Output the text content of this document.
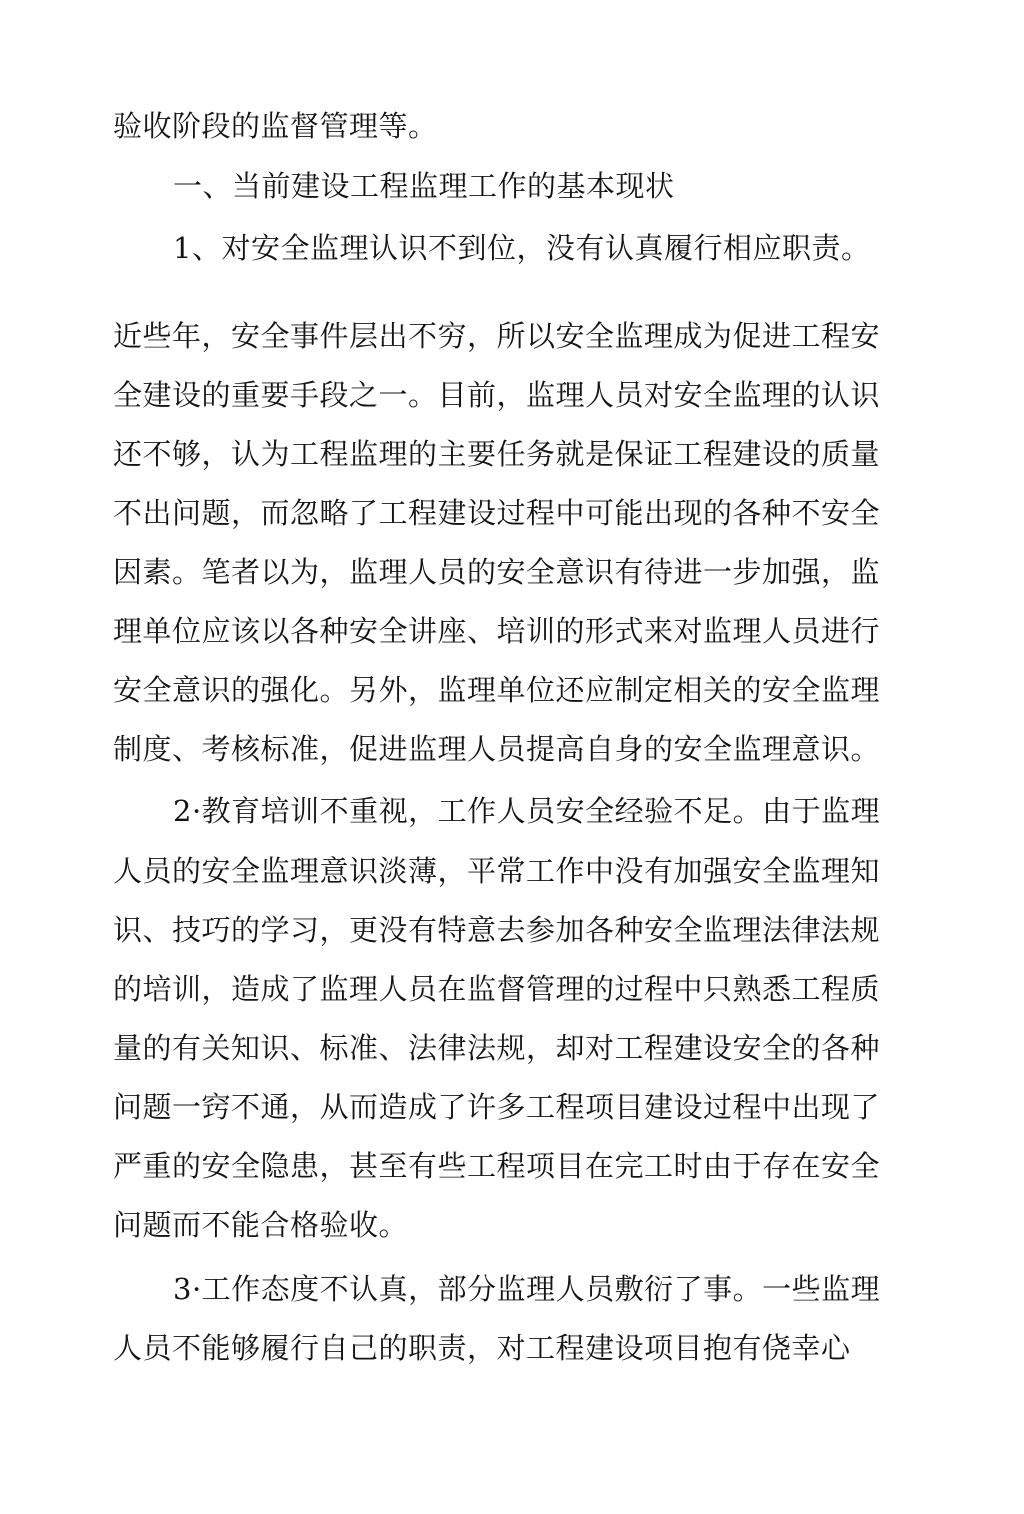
验收阶段的监督管理等。
一、当前建设工程监理工作的基本现状
1、对安全监理认识不到位，没有认真履行相应职责。
近些年，安全事件层出不穷，所以安全监理成为促进工程安
全建设的重要手段之一。目前，监理人员对安全监理的认识
还不够，认为工程监理的主要任务就是保证工程建设的质量
不出问题，而忽略了工程建设过程中可能出现的各种不安全
因素。笔者以为，监理人员的安全意识有待进一步加强，监
理单位应该以各种安全讲座、培训的形式来对监理人员进行
安全意识的强化。另外，监理单位还应制定相关的安全监理
制度、考核标准，促进监理人员提高自身的安全监理意识。
2·教育培训不重视，工作人员安全经验不足。由于监理
人员的安全监理意识淡薄，平常工作中没有加强安全监理知
识、技巧的学习，更没有特意去参加各种安全监理法律法规
的培训，造成了监理人员在监督管理的过程中只熟悉工程质
量的有关知识、标准、法律法规，却对工程建设安全的各种
问题一窍不通，从而造成了许多工程项目建设过程中出现了
严重的安全隐患，甚至有些工程项目在完工时由于存在安全
问题而不能合格验收。
3·工作态度不认真，部分监理人员敷衍了事。一些监理
人员不能够履行自己的职责，对工程建设项目抱有侥幸心
